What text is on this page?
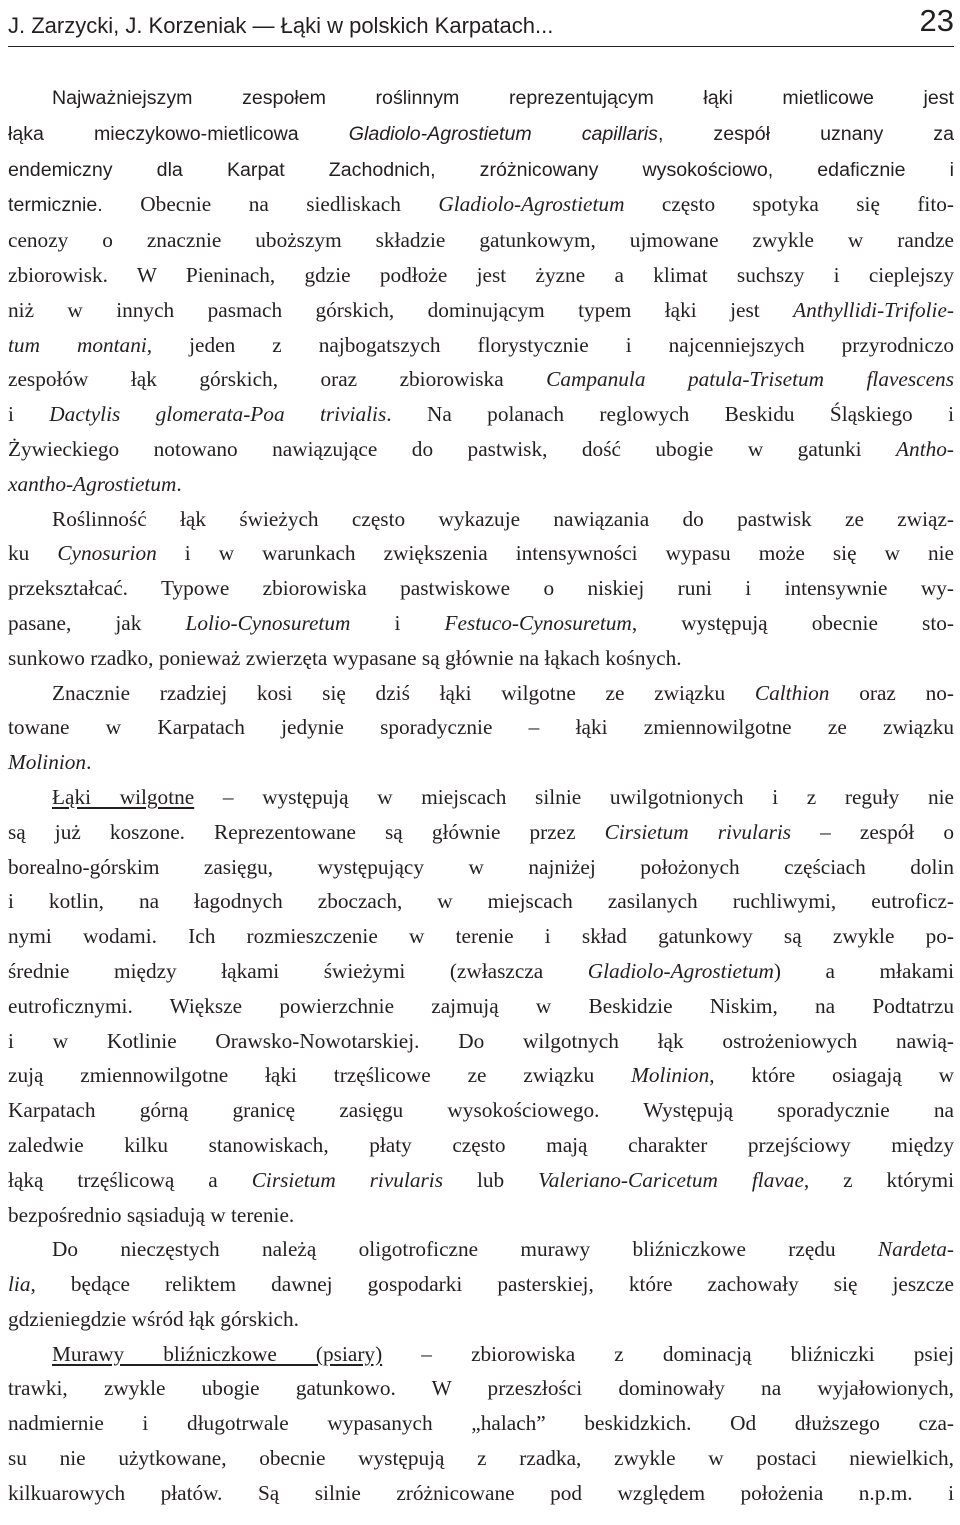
J. Zarzycki, J. Korzeniak — Łąki w polskich Karpatach...	23
Najważniejszym zespołem roślinnym reprezentującym łąki mietlicowe jest
łąka mieczykowo-mietlicowa Gladiolo-Agrostietum capillaris, zespół uznany za
endemiczny dla Karpat Zachodnich, zróżnicowany wysokościowo, edaficznie i
termicznie. Obecnie na siedliskach Gladiolo-Agrostietum często spotyka się fito-
cenozy o znacznie uboższym składzie gatunkowym, ujmowane zwykle w randze
zbiorowisk. W Pieninach, gdzie podłoże jest żyzne a klimat suchszy i cieplejszy
niż w innych pasmach górskich, dominującym typem łąki jest Anthyllidi-Trifolie-
tum montani, jeden z najbogatszych florystycznie i najcenniejszych przyrodniczo
zespołów łąk górskich, oraz zbiorowiska Campanula patula-Trisetum flavescens
i Dactylis glomerata-Poa trivialis. Na polanach reglowych Beskidu Śląskiego i
Żywieckiego notowano nawiązujące do pastwisk, dość ubogie w gatunki Antho-
xantho-Agrostietum.
Roślinność łąk świeżych często wykazuje nawiązania do pastwisk ze związ-
ku Cynosurion i w warunkach zwiększenia intensywności wypasu może się w nie
przekształcać. Typowe zbiorowiska pastwiskowe o niskiej runi i intensywnie wy-
pasane, jak Lolio-Cynosuretum i Festuco-Cynosuretum, występują obecnie sto-
sunkowo rzadko, ponieważ zwierzęta wypasane są głównie na łąkach kośnych.
Znacznie rzadziej kosi się dziś łąki wilgotne ze związku Calthion oraz no-
towane w Karpatach jedynie sporadycznie – łąki zmiennowilgotne ze związku
Molinion.
Łąki wilgotne – występują w miejscach silnie uwilgotnionych i z reguły nie
są już koszone. Reprezentowane są głównie przez Cirsietum rivularis – zespół o
borealno-górskim zasięgu, występujący w najniżej położonych częściach dolin
i kotlin, na łagodnych zboczach, w miejscach zasilanych ruchliwymi, eutroficz-
nymi wodami. Ich rozmieszczenie w terenie i skład gatunkowy są zwykle po-
średnie między łąkami świeżymi (zwłaszcza Gladiolo-Agrostietum) a młakami
eutroficznymi. Większe powierzchnie zajmują w Beskidzie Niskim, na Podtatrzu
i w Kotlinie Orawsko-Nowotarskiej. Do wilgotnych łąk ostrożeniowych nawią-
zują zmiennowilgotne łąki trzęślicowe ze związku Molinion, które osiagają w
Karpatach górną granicę zasięgu wysokościowego. Występują sporadycznie na
zaledwie kilku stanowiskach, płaty często mają charakter przejściowy między
łąką trzęślicową a Cirsietum rivularis lub Valeriano-Caricetum flavae, z którymi
bezpośrednio sąsiadują w terenie.
Do nieczęstych należą oligotroficzne murawy bliźniczkowe rzędu Nardeta-
lia, będące reliktem dawnej gospodarki pasterskiej, które zachowały się jeszcze
gdzieniegdzie wśród łąk górskich.
Murawy bliźniczkowe (psiary) – zbiorowiska z dominacją bliźniczki psiej
trawki, zwykle ubogie gatunkowo. W przeszłości dominowały na wyjałowionych,
nadmiernie i długotrwale wypasanych „halach” beskidzkich. Od dłuższego cza-
su nie użytkowane, obecnie występują z rzadka, zwykle w postaci niewielkich,
kilkuarowych płatów. Są silnie zróżnicowane pod względem położenia n.p.m. i
